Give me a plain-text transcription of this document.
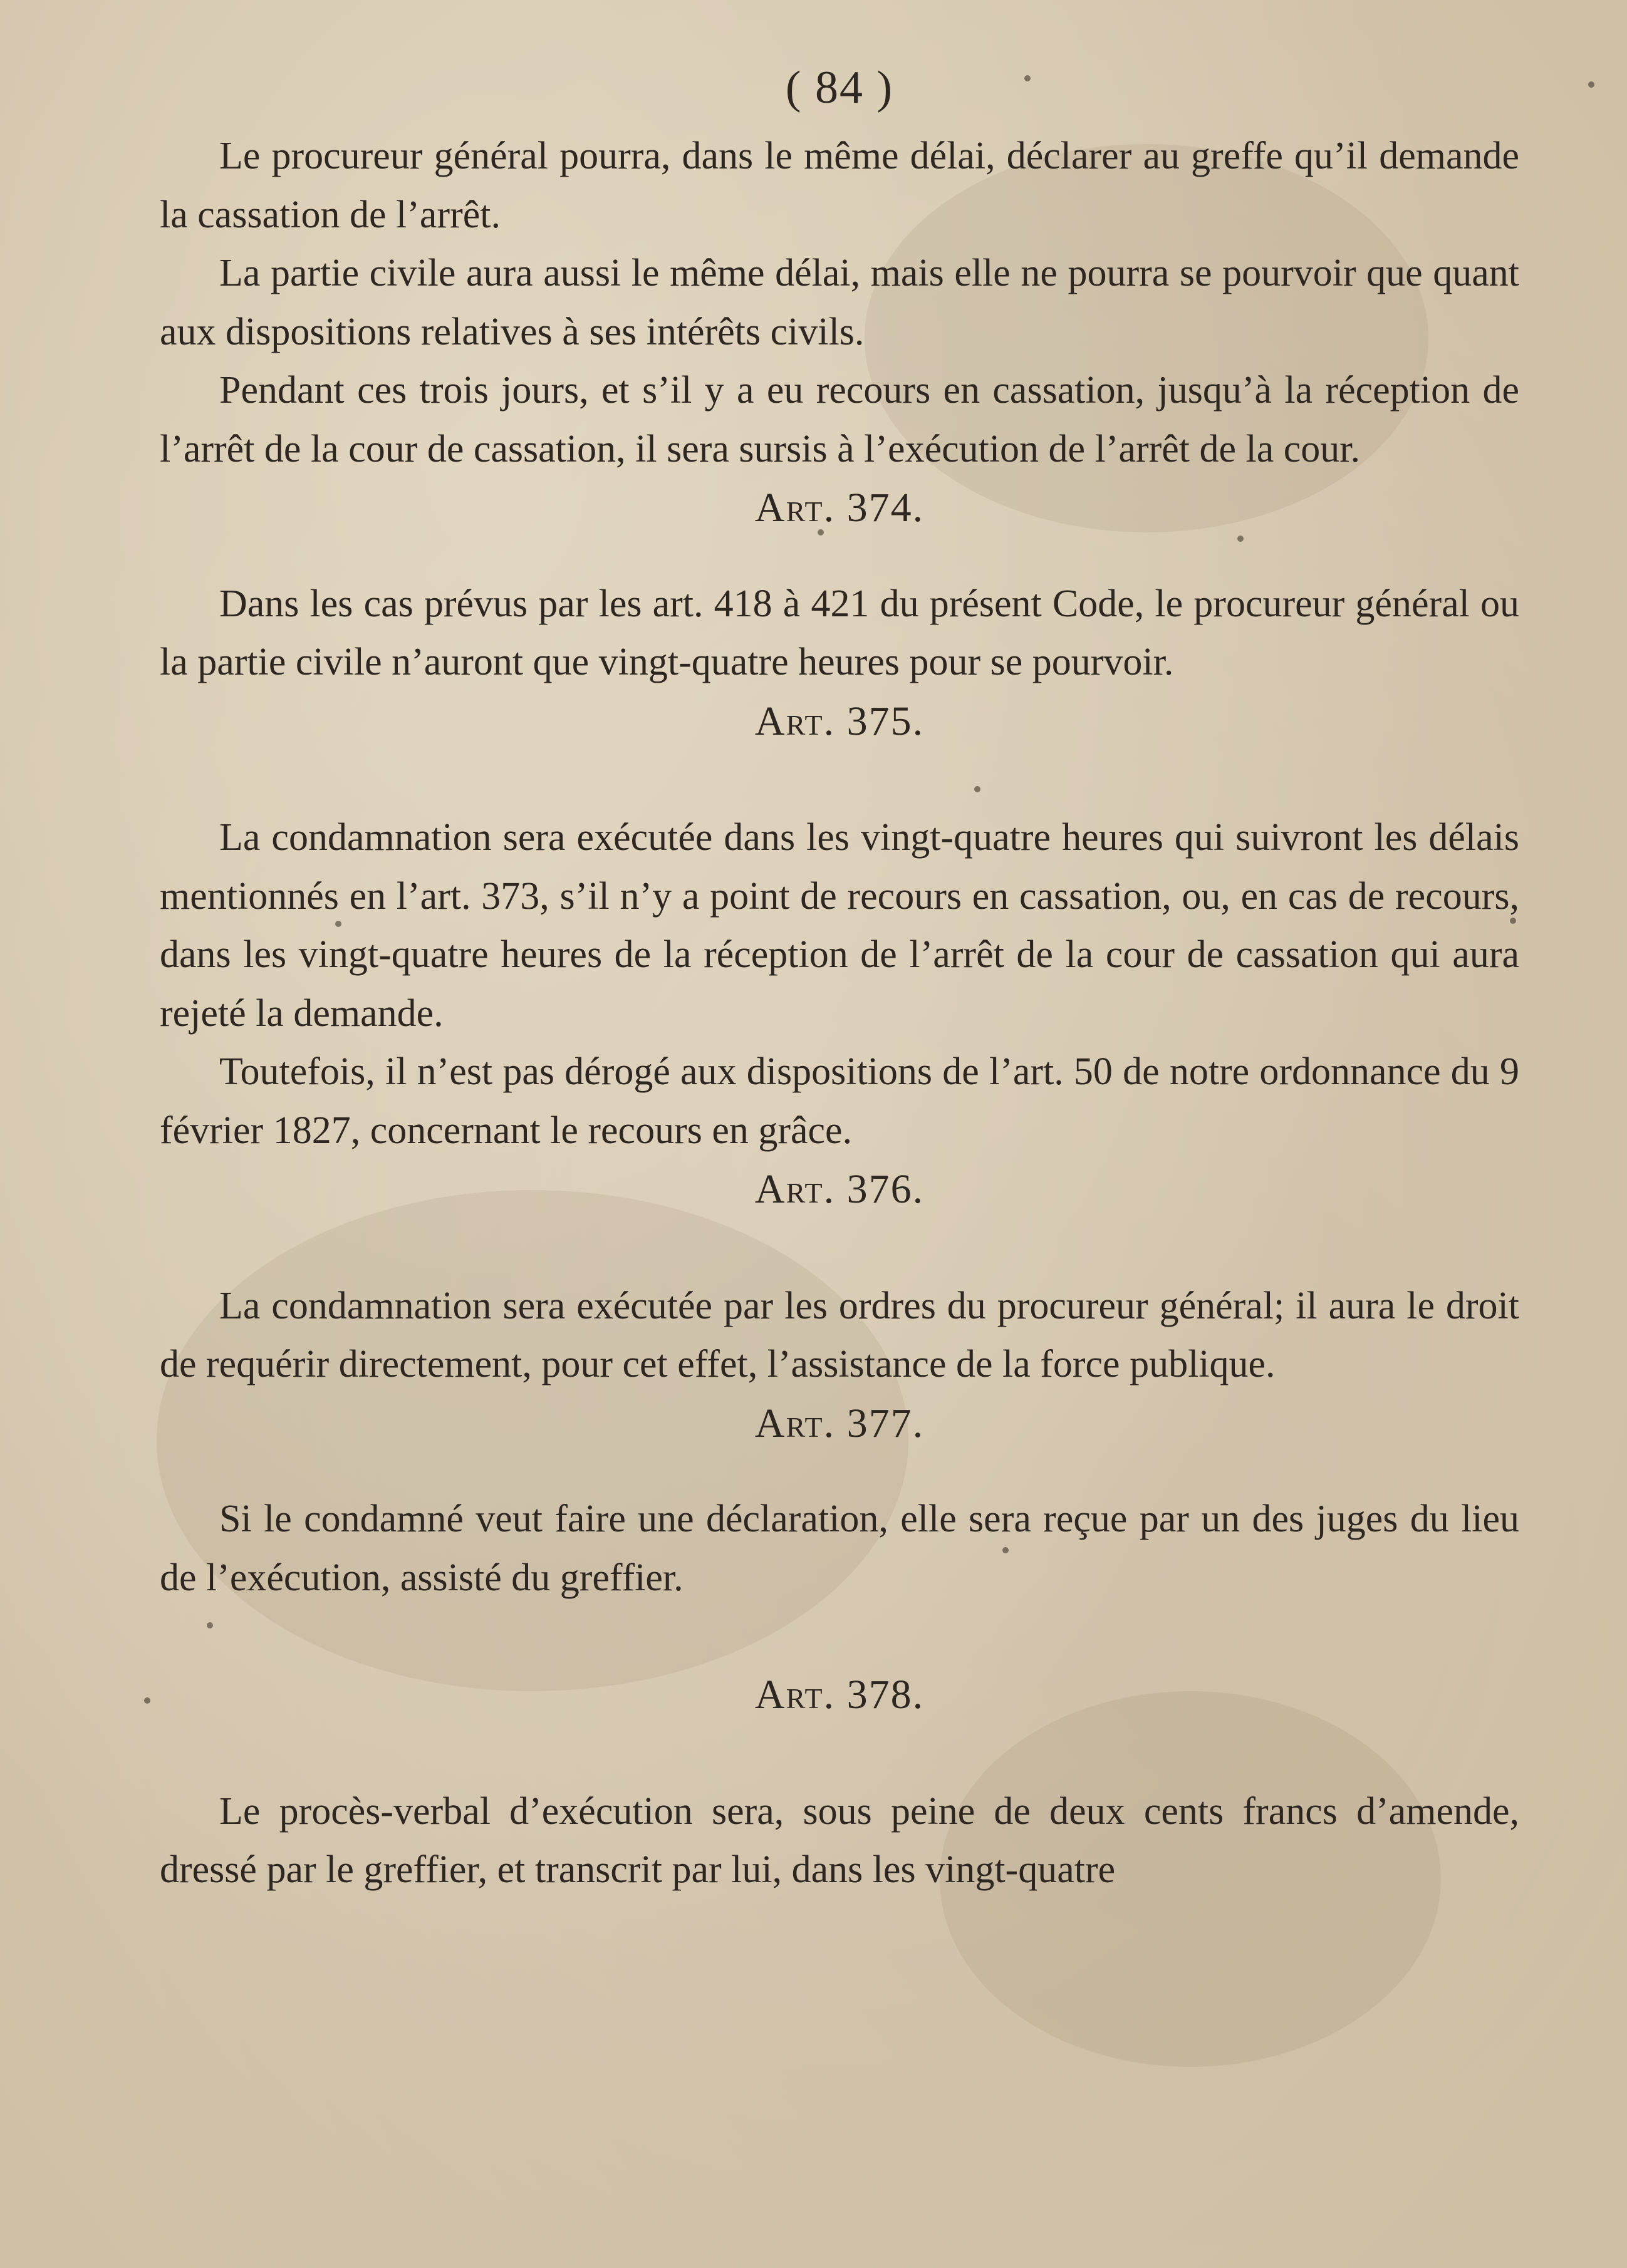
( 84 )

Le procureur général pourra, dans le même délai, déclarer au greffe qu’il demande la cassation de l’arrêt.

La partie civile aura aussi le même délai, mais elle ne pourra se pourvoir que quant aux dispositions relatives à ses intérêts civils.

Pendant ces trois jours, et s’il y a eu recours en cassation, jusqu’à la réception de l’arrêt de la cour de cassation, il sera sursis à l’exécution de l’arrêt de la cour.

Art. 374.

Dans les cas prévus par les art. 418 à 421 du présent Code, le procureur général ou la partie civile n’auront que vingt-quatre heures pour se pourvoir.

Art. 375.

La condamnation sera exécutée dans les vingt-quatre heures qui suivront les délais mentionnés en l’art. 373, s’il n’y a point de recours en cassation, ou, en cas de recours, dans les vingt-quatre heures de la réception de l’arrêt de la cour de cassation qui aura rejeté la demande.

Toutefois, il n’est pas dérogé aux dispositions de l’art. 50 de notre ordonnance du 9 février 1827, concernant le recours en grâce.

Art. 376.

La condamnation sera exécutée par les ordres du procureur général; il aura le droit de requérir directement, pour cet effet, l’assistance de la force publique.

Art. 377.

Si le condamné veut faire une déclaration, elle sera reçue par un des juges du lieu de l’exécution, assisté du greffier.

Art. 378.

Le procès-verbal d’exécution sera, sous peine de deux cents francs d’amende, dressé par le greffier, et transcrit par lui, dans les vingt-quatre
